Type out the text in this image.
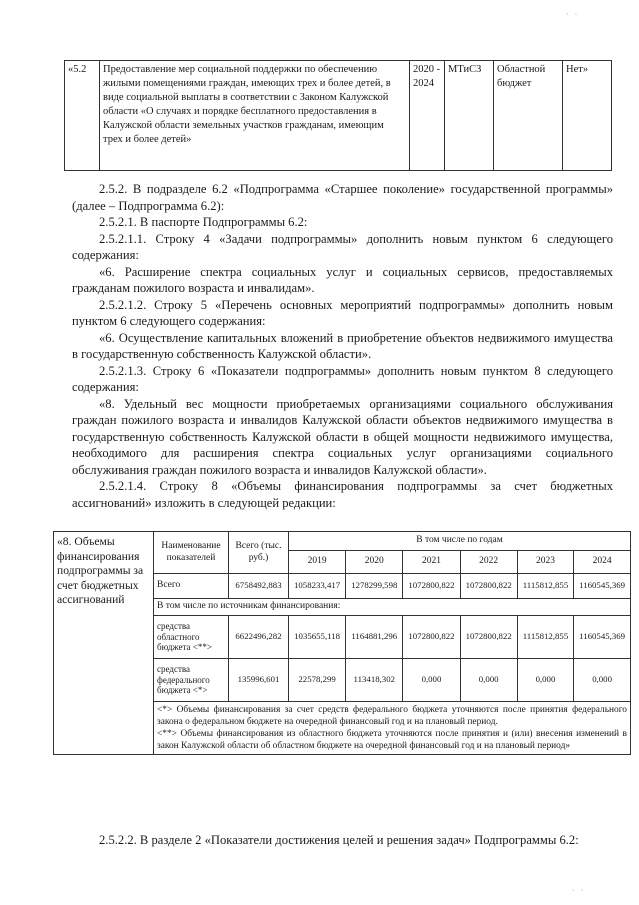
· ·
· ·
«5.2	Предоставление мер социальной поддержки по обеспечению жилыми помещениями граждан, имеющих трех и более детей, в виде социальной выплаты в соответствии с Законом Калужской области «О случаях и порядке бесплатного предоставления в Калужской области земельных участков гражданам, имеющим трех и более детей»	2020 - 2024	МТиСЗ	Областной бюджет	Нет»

2.5.2. В подразделе 6.2 «Подпрограмма «Старшее поколение» государственной программы» (далее – Подпрограмма 6.2):

2.5.2.1. В паспорте Подпрограммы 6.2:

2.5.2.1.1. Строку 4 «Задачи подпрограммы» дополнить новым пунктом 6 следующего содержания:

«6. Расширение спектра социальных услуг и социальных сервисов, предоставляемых гражданам пожилого возраста и инвалидам».

2.5.2.1.2. Строку 5 «Перечень основных мероприятий подпрограммы» дополнить новым пунктом 6 следующего содержания:

«6. Осуществление капитальных вложений в приобретение объектов недвижимого имущества в государственную собственность Калужской области».

2.5.2.1.3. Строку 6 «Показатели подпрограммы» дополнить новым пунктом 8 следующего содержания:

«8. Удельный вес мощности приобретаемых организациями социального обслуживания граждан пожилого возраста и инвалидов Калужской области объектов недвижимого имущества в государственную собственность Калужской области в общей мощности недвижимого имущества, необходимого для расширения спектра социальных услуг организациями социального обслуживания граждан пожилого возраста и инвалидов Калужской области».

2.5.2.1.4. Строку 8 «Объемы финансирования подпрограммы за счет бюджетных ассигнований» изложить в следующей редакции:

«8. Объемы финансирования подпрограммы за счет бюджетных ассигнований	Наименование показателей	Всего (тыс. руб.)	В том числе по годам					
			2019	2020	2021	2022	2023	2024
	Всего	6758492,883	1058233,417	1278299,598	1072800,822	1072800,822	1115812,855	1160545,369
	В том числе по источникам финансирования:							
	средства областного бюджета <**>	6622496,282	1035655,118	1164881,296	1072800,822	1072800,822	1115812,855	1160545,369
	средства федерального бюджета <*>	135996,601	22578,299	113418,302	0,000	0,000	0,000	0,000

	<*> Объемы финансирования за счет средств федерального бюджета уточняются после принятия федерального закона о федеральном бюджете на очередной финансовый год и на плановый период.
<**> Объемы финансирования из областного бюджета уточняются после принятия и (или) внесения изменений в закон Калужской области об областном бюджете на очередной финансовый год и на плановый период»							

2.5.2.2. В разделе 2 «Показатели достижения целей и решения задач» Подпрограммы 6.2:
